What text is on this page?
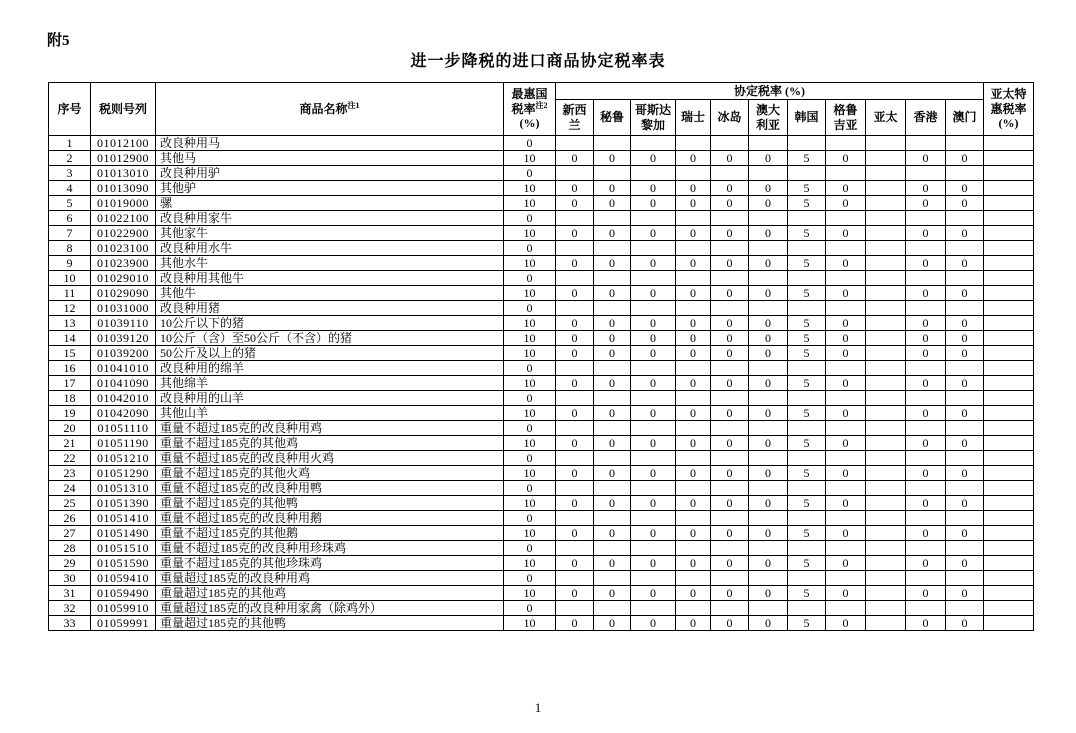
附5
进一步降税的进口商品协定税率表
序号	税则号列	商品名称$^{注1}$	最惠国
税率$^{注2}$
(%)	协定税率 (%)											亚太特惠税率
(%)
				新西兰	秘鲁	哥斯达黎加	瑞士	冰岛	澳大利亚	韩国	格鲁吉亚	亚太	香港	澳门	
1	01012100	改良种用马	0												
2	01012900	其他马	10	0	0	0	0	0	0	5	0		0	0	
3	01013010	改良种用驴	0												
4	01013090	其他驴	10	0	0	0	0	0	0	5	0		0	0	
5	01019000	骡	10	0	0	0	0	0	0	5	0		0	0	
6	01022100	改良种用家牛	0												
7	01022900	其他家牛	10	0	0	0	0	0	0	5	0		0	0	
8	01023100	改良种用水牛	0												
9	01023900	其他水牛	10	0	0	0	0	0	0	5	0		0	0	
10	01029010	改良种用其他牛	0												
11	01029090	其他牛	10	0	0	0	0	0	0	5	0		0	0	
12	01031000	改良种用猪	0												
13	01039110	10公斤以下的猪	10	0	0	0	0	0	0	5	0		0	0	
14	01039120	10公斤（含）至50公斤（不含）的猪	10	0	0	0	0	0	0	5	0		0	0	
15	01039200	50公斤及以上的猪	10	0	0	0	0	0	0	5	0		0	0	
16	01041010	改良种用的绵羊	0												
17	01041090	其他绵羊	10	0	0	0	0	0	0	5	0		0	0	
18	01042010	改良种用的山羊	0												
19	01042090	其他山羊	10	0	0	0	0	0	0	5	0		0	0	
20	01051110	重量不超过185克的改良种用鸡	0												
21	01051190	重量不超过185克的其他鸡	10	0	0	0	0	0	0	5	0		0	0	
22	01051210	重量不超过185克的改良种用火鸡	0												
23	01051290	重量不超过185克的其他火鸡	10	0	0	0	0	0	0	5	0		0	0	
24	01051310	重量不超过185克的改良种用鸭	0												
25	01051390	重量不超过185克的其他鸭	10	0	0	0	0	0	0	5	0		0	0	
26	01051410	重量不超过185克的改良种用鹅	0												
27	01051490	重量不超过185克的其他鹅	10	0	0	0	0	0	0	5	0		0	0	
28	01051510	重量不超过185克的改良种用珍珠鸡	0												
29	01051590	重量不超过185克的其他珍珠鸡	10	0	0	0	0	0	0	5	0		0	0	
30	01059410	重量超过185克的改良种用鸡	0												
31	01059490	重量超过185克的其他鸡	10	0	0	0	0	0	0	5	0		0	0	
32	01059910	重量超过185克的改良种用家禽（除鸡外）	0												
33	01059991	重量超过185克的其他鸭	10	0	0	0	0	0	0	5	0		0	0	
1
